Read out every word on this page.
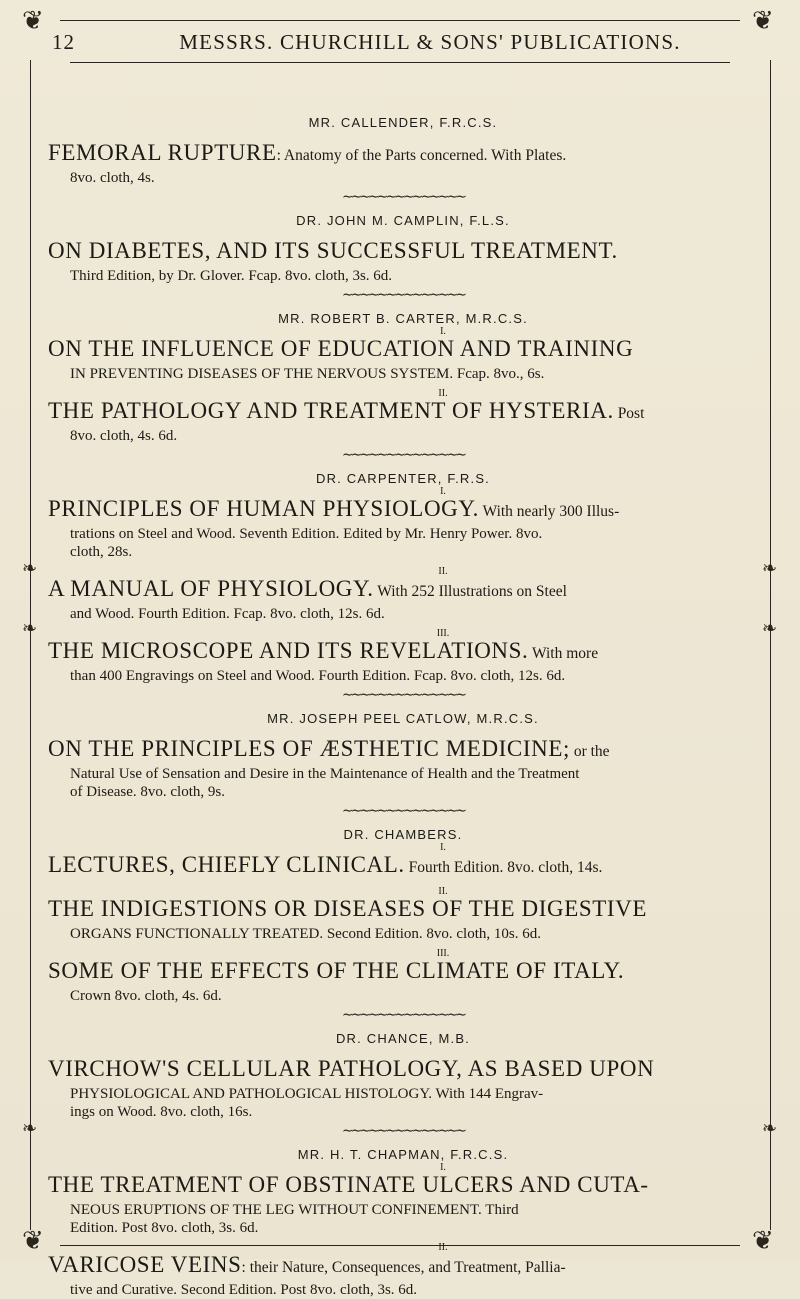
❦	❦
❦	❦
❧
❧
❧
❧
❧	❧
12	MESSRS. CHURCHILL & SONS' PUBLICATIONS.

MR. CALLENDER, F.R.C.S.

FEMORAL RUPTURE: Anatomy of the Parts concerned. With Plates.

8vo. cloth, 4s.

∼∼∼∼∼∼∼∼∼∼∼∼∼∼

DR. JOHN M. CAMPLIN, F.L.S.

ON DIABETES, AND ITS SUCCESSFUL TREATMENT.

Third Edition, by Dr. Glover. Fcap. 8vo. cloth, 3s. 6d.

∼∼∼∼∼∼∼∼∼∼∼∼∼∼

MR. ROBERT B. CARTER, M.R.C.S.

I.

ON THE INFLUENCE OF EDUCATION AND TRAINING

IN PREVENTING DISEASES OF THE NERVOUS SYSTEM. Fcap. 8vo., 6s.

II.

THE PATHOLOGY AND TREATMENT OF HYSTERIA. Post

8vo. cloth, 4s. 6d.

∼∼∼∼∼∼∼∼∼∼∼∼∼∼

DR. CARPENTER, F.R.S.

I.

PRINCIPLES OF HUMAN PHYSIOLOGY. With nearly 300 Illus-

trations on Steel and Wood. Seventh Edition. Edited by Mr. Henry Power. 8vo.

cloth, 28s.

II.

A MANUAL OF PHYSIOLOGY. With 252 Illustrations on Steel

and Wood. Fourth Edition. Fcap. 8vo. cloth, 12s. 6d.

III.

THE MICROSCOPE AND ITS REVELATIONS. With more

than 400 Engravings on Steel and Wood. Fourth Edition. Fcap. 8vo. cloth, 12s. 6d.

∼∼∼∼∼∼∼∼∼∼∼∼∼∼

MR. JOSEPH PEEL CATLOW, M.R.C.S.

ON THE PRINCIPLES OF ÆSTHETIC MEDICINE; or the

Natural Use of Sensation and Desire in the Maintenance of Health and the Treatment

of Disease. 8vo. cloth, 9s.

∼∼∼∼∼∼∼∼∼∼∼∼∼∼

DR. CHAMBERS.

I.

LECTURES, CHIEFLY CLINICAL. Fourth Edition. 8vo. cloth, 14s.

II.

THE INDIGESTIONS OR DISEASES OF THE DIGESTIVE

ORGANS FUNCTIONALLY TREATED. Second Edition. 8vo. cloth, 10s. 6d.

III.

SOME OF THE EFFECTS OF THE CLIMATE OF ITALY.

Crown 8vo. cloth, 4s. 6d.

∼∼∼∼∼∼∼∼∼∼∼∼∼∼

DR. CHANCE, M.B.

VIRCHOW'S CELLULAR PATHOLOGY, AS BASED UPON

PHYSIOLOGICAL AND PATHOLOGICAL HISTOLOGY. With 144 Engrav-

ings on Wood. 8vo. cloth, 16s.

∼∼∼∼∼∼∼∼∼∼∼∼∼∼

MR. H. T. CHAPMAN, F.R.C.S.

I.

THE TREATMENT OF OBSTINATE ULCERS AND CUTA-

NEOUS ERUPTIONS OF THE LEG WITHOUT CONFINEMENT. Third

Edition. Post 8vo. cloth, 3s. 6d.

II.

VARICOSE VEINS: their Nature, Consequences, and Treatment, Pallia-

tive and Curative. Second Edition. Post 8vo. cloth, 3s. 6d.
